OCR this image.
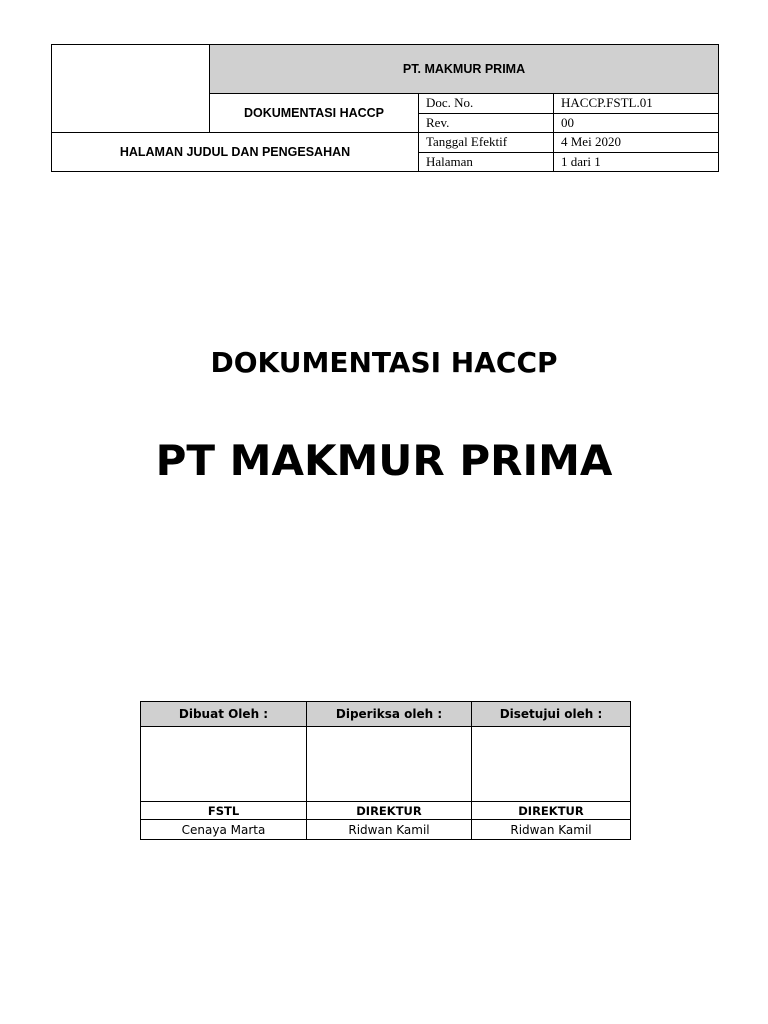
	PT. MAKMUR PRIMA		
	DOKUMENTASI HACCP	Doc. No.	HACCP.FSTL.01
		Rev.	00
HALAMAN JUDUL DAN PENGESAHAN		Tanggal Efektif	4 Mei 2020
		Halaman	1 dari 1
DOKUMENTASI HACCP
PT MAKMUR PRIMA
Dibuat Oleh :	Diperiksa oleh :	Disetujui oleh :

FSTL	DIREKTUR	DIREKTUR
Cenaya Marta	Ridwan Kamil	Ridwan Kamil
